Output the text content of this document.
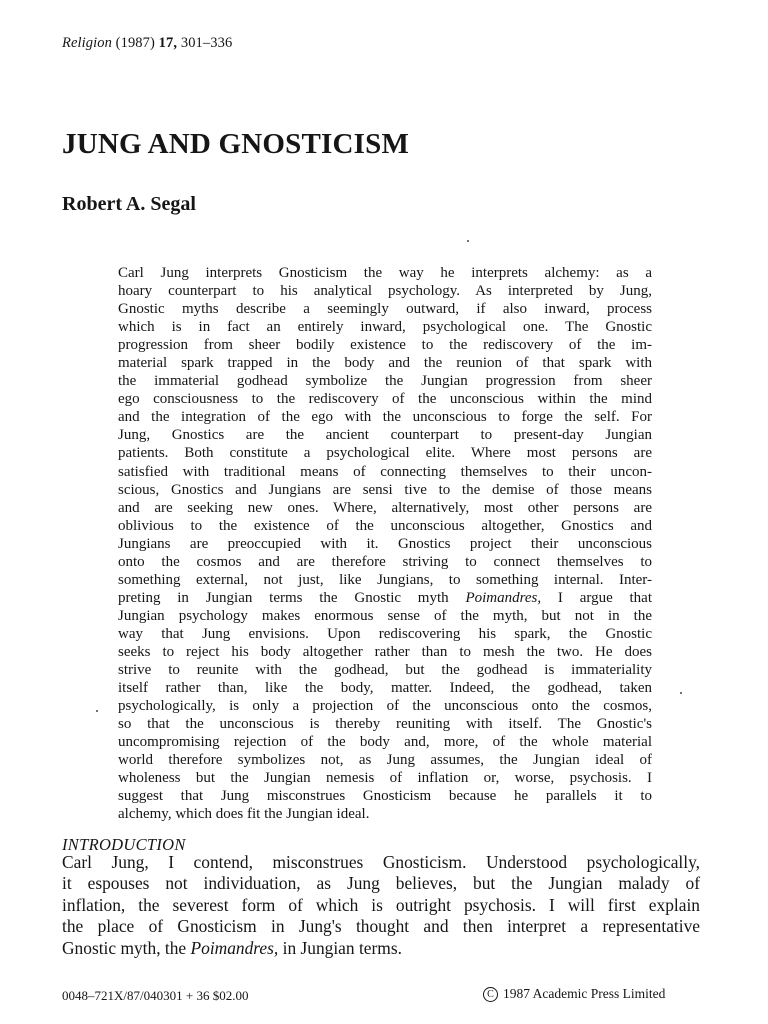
Religion (1987) 17, 301–336
JUNG AND GNOSTICISM
Robert A. Segal
Carl Jung interprets Gnosticism the way he interprets alchemy: as a
hoary counterpart to his analytical psychology. As interpreted by Jung,
Gnostic myths describe a seemingly outward, if also inward, process
which is in fact an entirely inward, psychological one. The Gnostic
progression from sheer bodily existence to the rediscovery of the im-
material spark trapped in the body and the reunion of that spark with
the immaterial godhead symbolize the Jungian progression from sheer
ego consciousness to the rediscovery of the unconscious within the mind
and the integration of the ego with the unconscious to forge the self. For
Jung, Gnostics are the ancient counterpart to present-day Jungian
patients. Both constitute a psychological elite. Where most persons are
satisfied with traditional means of connecting themselves to their uncon-
scious, Gnostics and Jungians are sensi tive to the demise of those means
and are seeking new ones. Where, alternatively, most other persons are
oblivious to the existence of the unconscious altogether, Gnostics and
Jungians are preoccupied with it. Gnostics project their unconscious
onto the cosmos and are therefore striving to connect themselves to
something external, not just, like Jungians, to something internal. Inter-
preting in Jungian terms the Gnostic myth Poimandres, I argue that
Jungian psychology makes enormous sense of the myth, but not in the
way that Jung envisions. Upon rediscovering his spark, the Gnostic
seeks to reject his body altogether rather than to mesh the two. He does
strive to reunite with the godhead, but the godhead is immateriality
itself rather than, like the body, matter. Indeed, the godhead, taken
psychologically, is only a projection of the unconscious onto the cosmos,
so that the unconscious is thereby reuniting with itself. The Gnostic's
uncompromising rejection of the body and, more, of the whole material
world therefore symbolizes not, as Jung assumes, the Jungian ideal of
wholeness but the Jungian nemesis of inflation or, worse, psychosis. I
suggest that Jung misconstrues Gnosticism because he parallels it to
alchemy, which does fit the Jungian ideal.
INTRODUCTION
Carl Jung, I contend, misconstrues Gnosticism. Understood psychologically,
it espouses not individuation, as Jung believes, but the Jungian malady of
inflation, the severest form of which is outright psychosis. I will first explain
the place of Gnosticism in Jung's thought and then interpret a representative
Gnostic myth, the Poimandres, in Jungian terms.
0048–721X/87/040301 + 36 $02.00	C 1987 Academic Press Limited
